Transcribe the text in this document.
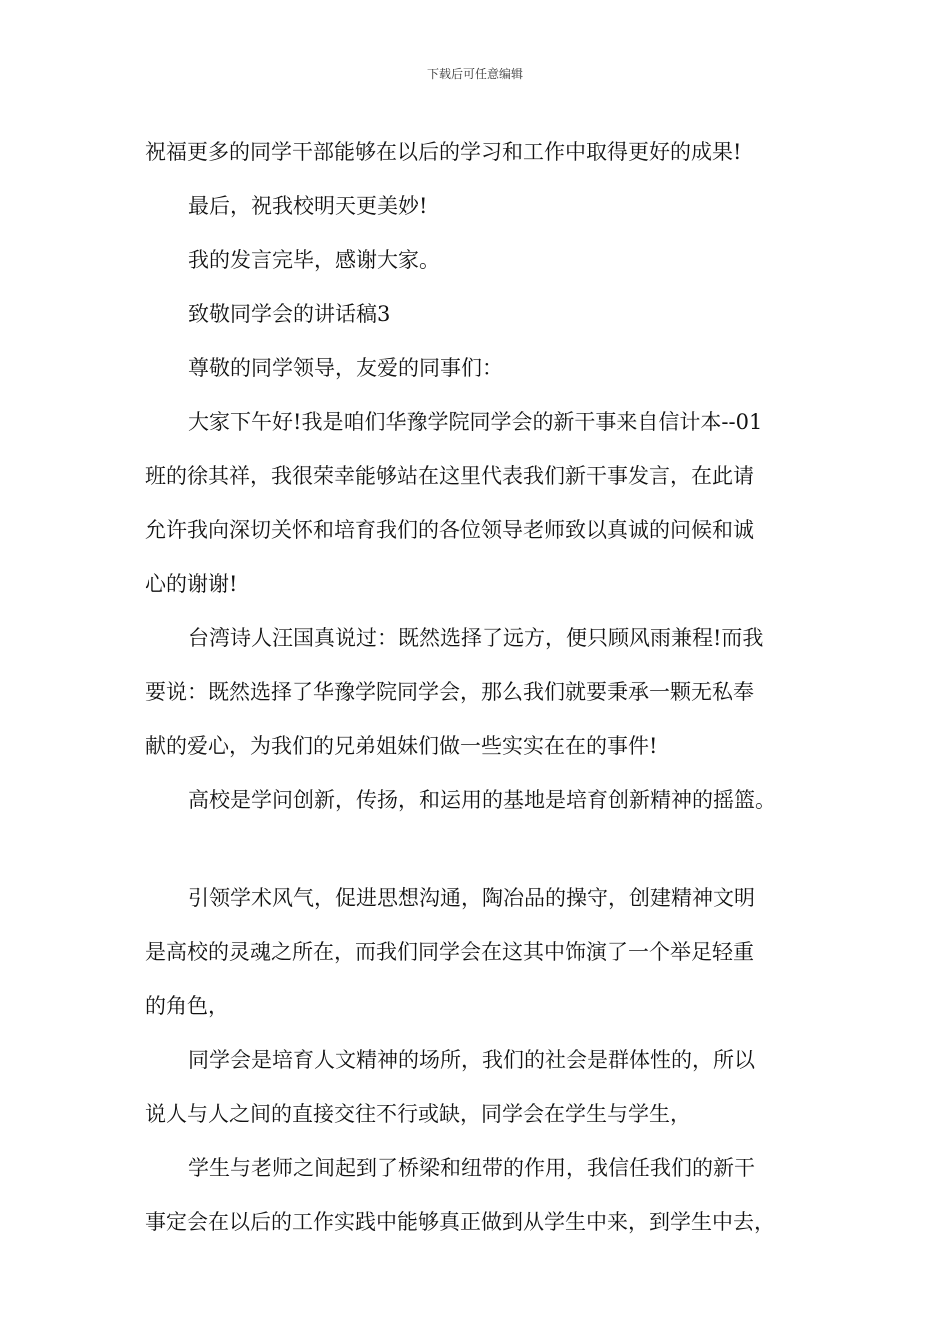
下载后可任意编辑

祝福更多的同学干部能够在以后的学习和工作中取得更好的成果!

最后，祝我校明天更美妙!

我的发言完毕，感谢大家。

致敬同学会的讲话稿3

尊敬的同学领导，友爱的同事们：

大家下午好!我是咱们华豫学院同学会的新干事来自信计本--01

班的徐其祥，我很荣幸能够站在这里代表我们新干事发言，在此请

允许我向深切关怀和培育我们的各位领导老师致以真诚的问候和诚

心的谢谢!

台湾诗人汪国真说过：既然选择了远方，便只顾风雨兼程!而我

要说：既然选择了华豫学院同学会，那么我们就要秉承一颗无私奉

献的爱心，为我们的兄弟姐妹们做一些实实在在的事件!

高校是学问创新，传扬，和运用的基地是培育创新精神的摇篮。

引领学术风气，促进思想沟通，陶冶品的操守，创建精神文明

是高校的灵魂之所在，而我们同学会在这其中饰演了一个举足轻重

的角色，

同学会是培育人文精神的场所，我们的社会是群体性的，所以

说人与人之间的直接交往不行或缺，同学会在学生与学生，

学生与老师之间起到了桥梁和纽带的作用，我信任我们的新干

事定会在以后的工作实践中能够真正做到从学生中来，到学生中去，
